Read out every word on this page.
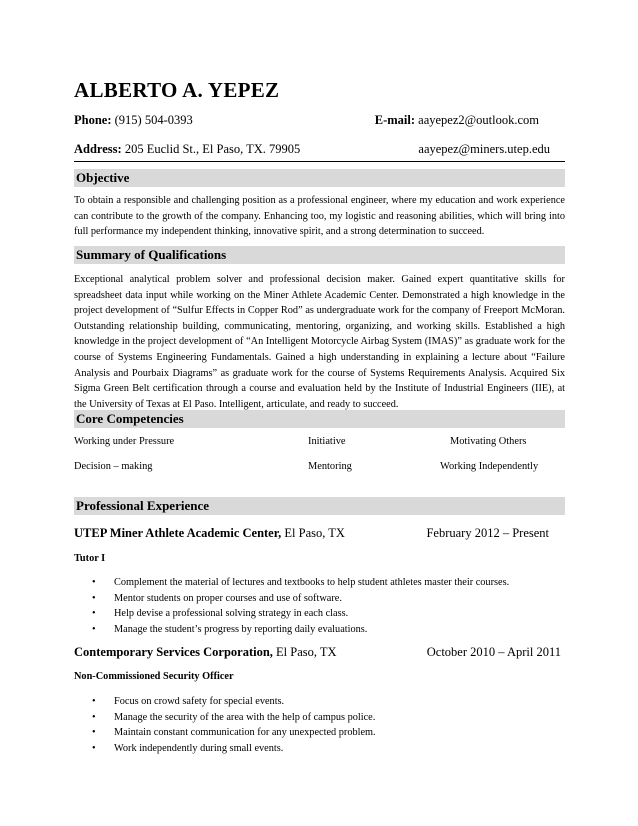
ALBERTO A. YEPEZ
Phone: (915) 504-0393	E-mail: aayepez2@outlook.com
Address: 205 Euclid St., El Paso, TX. 79905	aayepez@miners.utep.edu
Objective
To obtain a responsible and challenging position as a professional engineer, where my education and work experience can contribute to the growth of the company. Enhancing too, my logistic and reasoning abilities, which will bring into full performance my independent thinking, innovative spirit, and a strong determination to succeed.
Summary of Qualifications
Exceptional analytical problem solver and professional decision maker. Gained expert quantitative skills for spreadsheet data input while working on the Miner Athlete Academic Center. Demonstrated a high knowledge in the project development of “Sulfur Effects in Copper Rod” as undergraduate work for the company of Freeport McMoran. Outstanding relationship building, communicating, mentoring, organizing, and working skills. Established a high knowledge in the project development of “An Intelligent Motorcycle Airbag System (IMAS)” as graduate work for the course of Systems Engineering Fundamentals. Gained a high understanding in explaining a lecture about “Failure Analysis and Pourbaix Diagrams” as graduate work for the course of Systems Requirements Analysis. Acquired Six Sigma Green Belt certification through a course and evaluation held by the Institute of Industrial Engineers (IIE), at the University of Texas at El Paso. Intelligent, articulate, and ready to succeed.
Core Competencies
Working under Pressure	Initiative	Motivating Others
Decision – making	Mentoring	Working Independently
Professional Experience
UTEP Miner Athlete Academic Center, El Paso, TX	February 2012 – Present
Tutor I
• Complement the material of lectures and textbooks to help student athletes master their courses.
• Mentor students on proper courses and use of software.
• Help devise a professional solving strategy in each class.
• Manage the student’s progress by reporting daily evaluations.
Contemporary Services Corporation, El Paso, TX	October 2010 – April 2011
Non-Commissioned Security Officer
• Focus on crowd safety for special events.
• Manage the security of the area with the help of campus police.
• Maintain constant communication for any unexpected problem.
• Work independently during small events.
